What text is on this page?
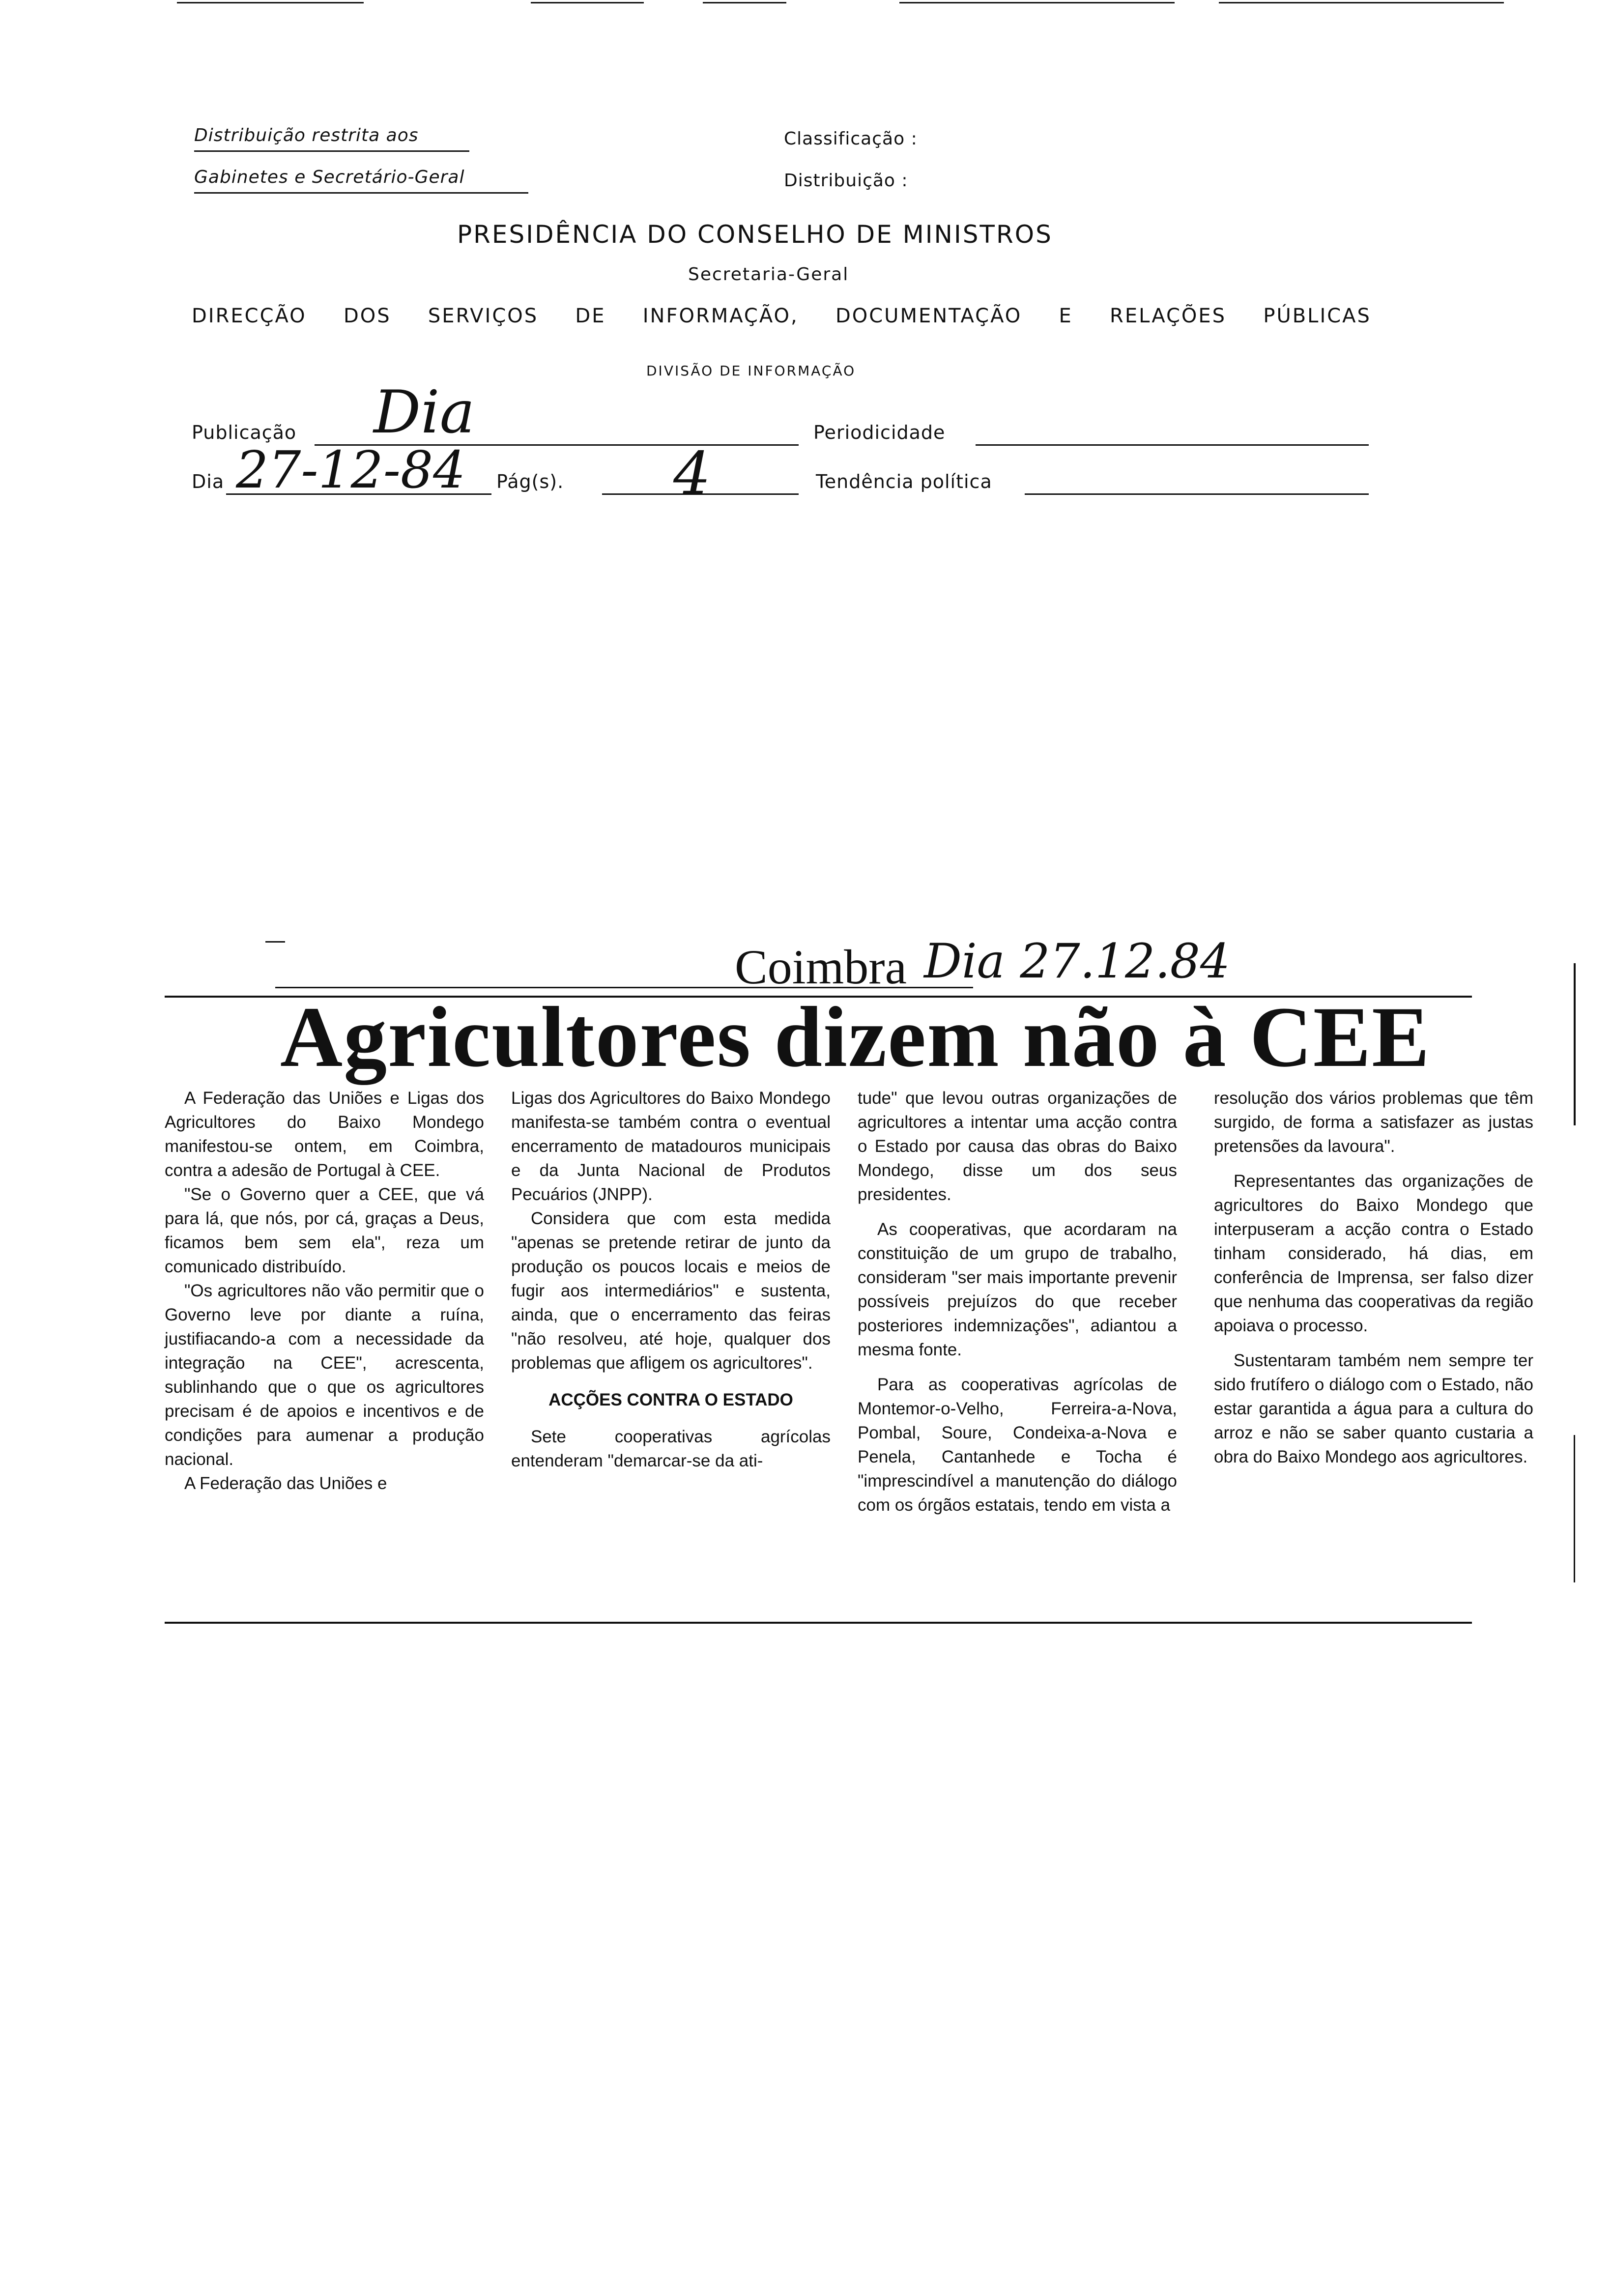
Distribuição restrita aos
Gabinetes e Secretário-Geral
Classificação :
Distribuição :
PRESIDÊNCIA DO CONSELHO DE MINISTROS
Secretaria-Geral
DIRECÇÃO DOS SERVIÇOS DE INFORMAÇÃO, DOCUMENTAÇÃO E RELAÇÕES PÚBLICAS
DIVISÃO DE INFORMAÇÃO
Publicação Dia	Periodicidade
Dia 27-12-84 Pág(s). 4	Tendência política
Coimbra Dia 27.12.84
Agricultores dizem não à CEE

A Federação das Uniões e Ligas dos Agricultores do Baixo Mondego manifestou-se ontem, em Coimbra, contra a adesão de Portugal à CEE.

"Se o Governo quer a CEE, que vá para lá, que nós, por cá, graças a Deus, ficamos bem sem ela", reza um comunicado distribuído.

"Os agricultores não vão permitir que o Governo leve por diante a ruína, justifiacando-a com a necessidade da integração na CEE", acrescenta, sublinhando que o que os agricultores precisam é de apoios e incentivos e de condições para aumenar a produção nacional.

A Federação das Uniões e

Ligas dos Agricultores do Baixo Mondego manifesta-se também contra o eventual encerramento de matadouros municipais e da Junta Nacional de Produtos Pecuários (JNPP).

Considera que com esta medida "apenas se pretende retirar de junto da produção os poucos locais e meios de fugir aos intermediários" e sustenta, ainda, que o encerramento das feiras "não resolveu, até hoje, qualquer dos problemas que afligem os agricultores".

ACÇÕES CONTRA O ESTADO

Sete cooperativas agrícolas entenderam "demarcar-se da ati-

tude" que levou outras organizações de agricultores a intentar uma acção contra o Estado por causa das obras do Baixo Mondego, disse um dos seus presidentes.

As cooperativas, que acordaram na constituição de um grupo de trabalho, consideram "ser mais importante prevenir possíveis prejuízos do que receber posteriores indemnizações", adiantou a mesma fonte.

Para as cooperativas agrícolas de Montemor-o-Velho, Ferreira-a-Nova, Pombal, Soure, Condeixa-a-Nova e Penela, Cantanhede e Tocha é "imprescindível a manutenção do diálogo com os órgãos estatais, tendo em vista a

resolução dos vários problemas que têm surgido, de forma a satisfazer as justas pretensões da lavoura".

Representantes das organizações de agricultores do Baixo Mondego que interpuseram a acção contra o Estado tinham considerado, há dias, em conferência de Imprensa, ser falso dizer que nenhuma das cooperativas da região apoiava o processo.

Sustentaram também nem sempre ter sido frutífero o diálogo com o Estado, não estar garantida a água para a cultura do arroz e não se saber quanto custaria a obra do Baixo Mondego aos agricultores.
